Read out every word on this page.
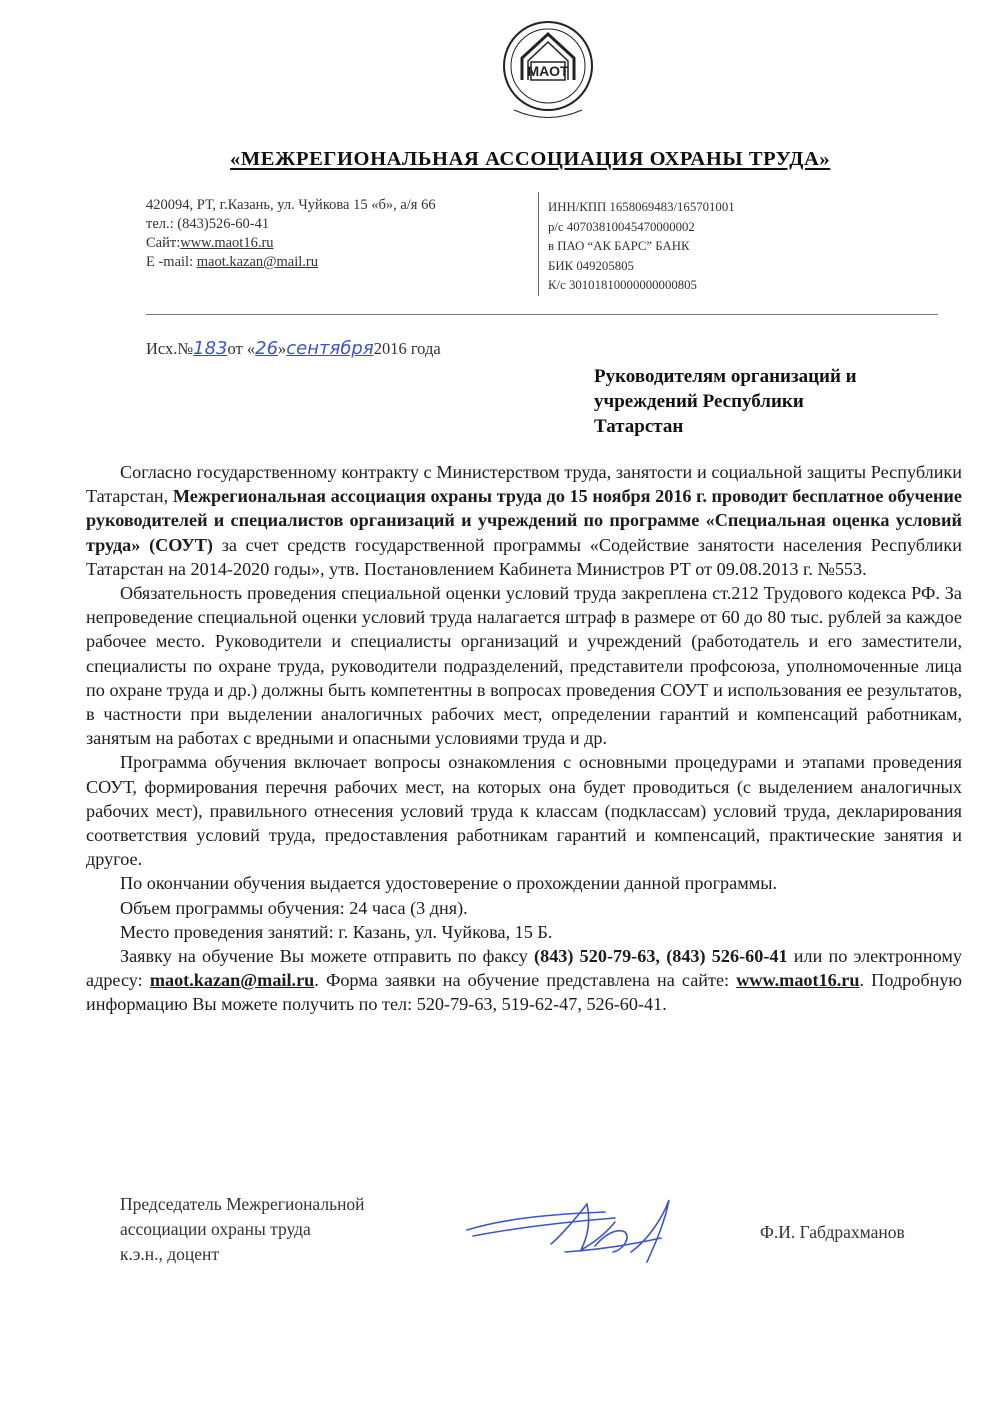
МАОТ
«МЕЖРЕГИОНАЛЬНАЯ АССОЦИАЦИЯ ОХРАНЫ ТРУДА»
420094, РТ, г.Казань, ул. Чуйкова 15 «б», а/я 66
тел.: (843)526-60-41
Сайт:www.maot16.ru
E -mail: maot.kazan@mail.ru
ИНН/КПП 1658069483/165701001
р/с 40703810045470000002
в ПАО “АК БАРС” БАНК
БИК 049205805
К/с 30101810000000000805
Исх.№183от «26»сентября2016 года
Руководителям организаций и
учреждений Республики
Татарстан

Согласно государственному контракту с Министерством труда, занятости и социальной защиты Республики Татарстан, Межрегиональная ассоциация охраны труда до 15 ноября 2016 г. проводит бесплатное обучение руководителей и специалистов организаций и учреждений по программе «Специальная оценка условий труда» (СОУТ) за счет средств государственной программы «Содействие занятости населения Республики Татарстан на 2014-2020 годы», утв. Постановлением Кабинета Министров РТ от 09.08.2013 г. №553.

Обязательность проведения специальной оценки условий труда закреплена ст.212 Трудового кодекса РФ. За непроведение специальной оценки условий труда налагается штраф в размере от 60 до 80 тыс. рублей за каждое рабочее место. Руководители и специалисты организаций и учреждений (работодатель и его заместители, специалисты по охране труда, руководители подразделений, представители профсоюза, уполномоченные лица по охране труда и др.) должны быть компетентны в вопросах проведения СОУТ и использования ее результатов, в частности при выделении аналогичных рабочих мест, определении гарантий и компенсаций работникам, занятым на работах с вредными и опасными условиями труда и др.

Программа обучения включает вопросы ознакомления с основными процедурами и этапами проведения СОУТ, формирования перечня рабочих мест, на которых она будет проводиться (с выделением аналогичных рабочих мест), правильного отнесения условий труда к классам (подклассам) условий труда, декларирования соответствия условий труда, предоставления работникам гарантий и компенсаций, практические занятия и другое.

По окончании обучения выдается удостоверение о прохождении данной программы.

Объем программы обучения: 24 часа (3 дня).

Место проведения занятий: г. Казань, ул. Чуйкова, 15 Б.

Заявку на обучение Вы можете отправить по факсу (843) 520-79-63, (843) 526-60-41 или по электронному адресу: maot.kazan@mail.ru. Форма заявки на обучение представлена на сайте: www.maot16.ru. Подробную информацию Вы можете получить по тел: 520-79-63, 519-62-47, 526-60-41.

Председатель Межрегиональной
ассоциации охраны труда
к.э.н., доцент
Ф.И. Габдрахманов
